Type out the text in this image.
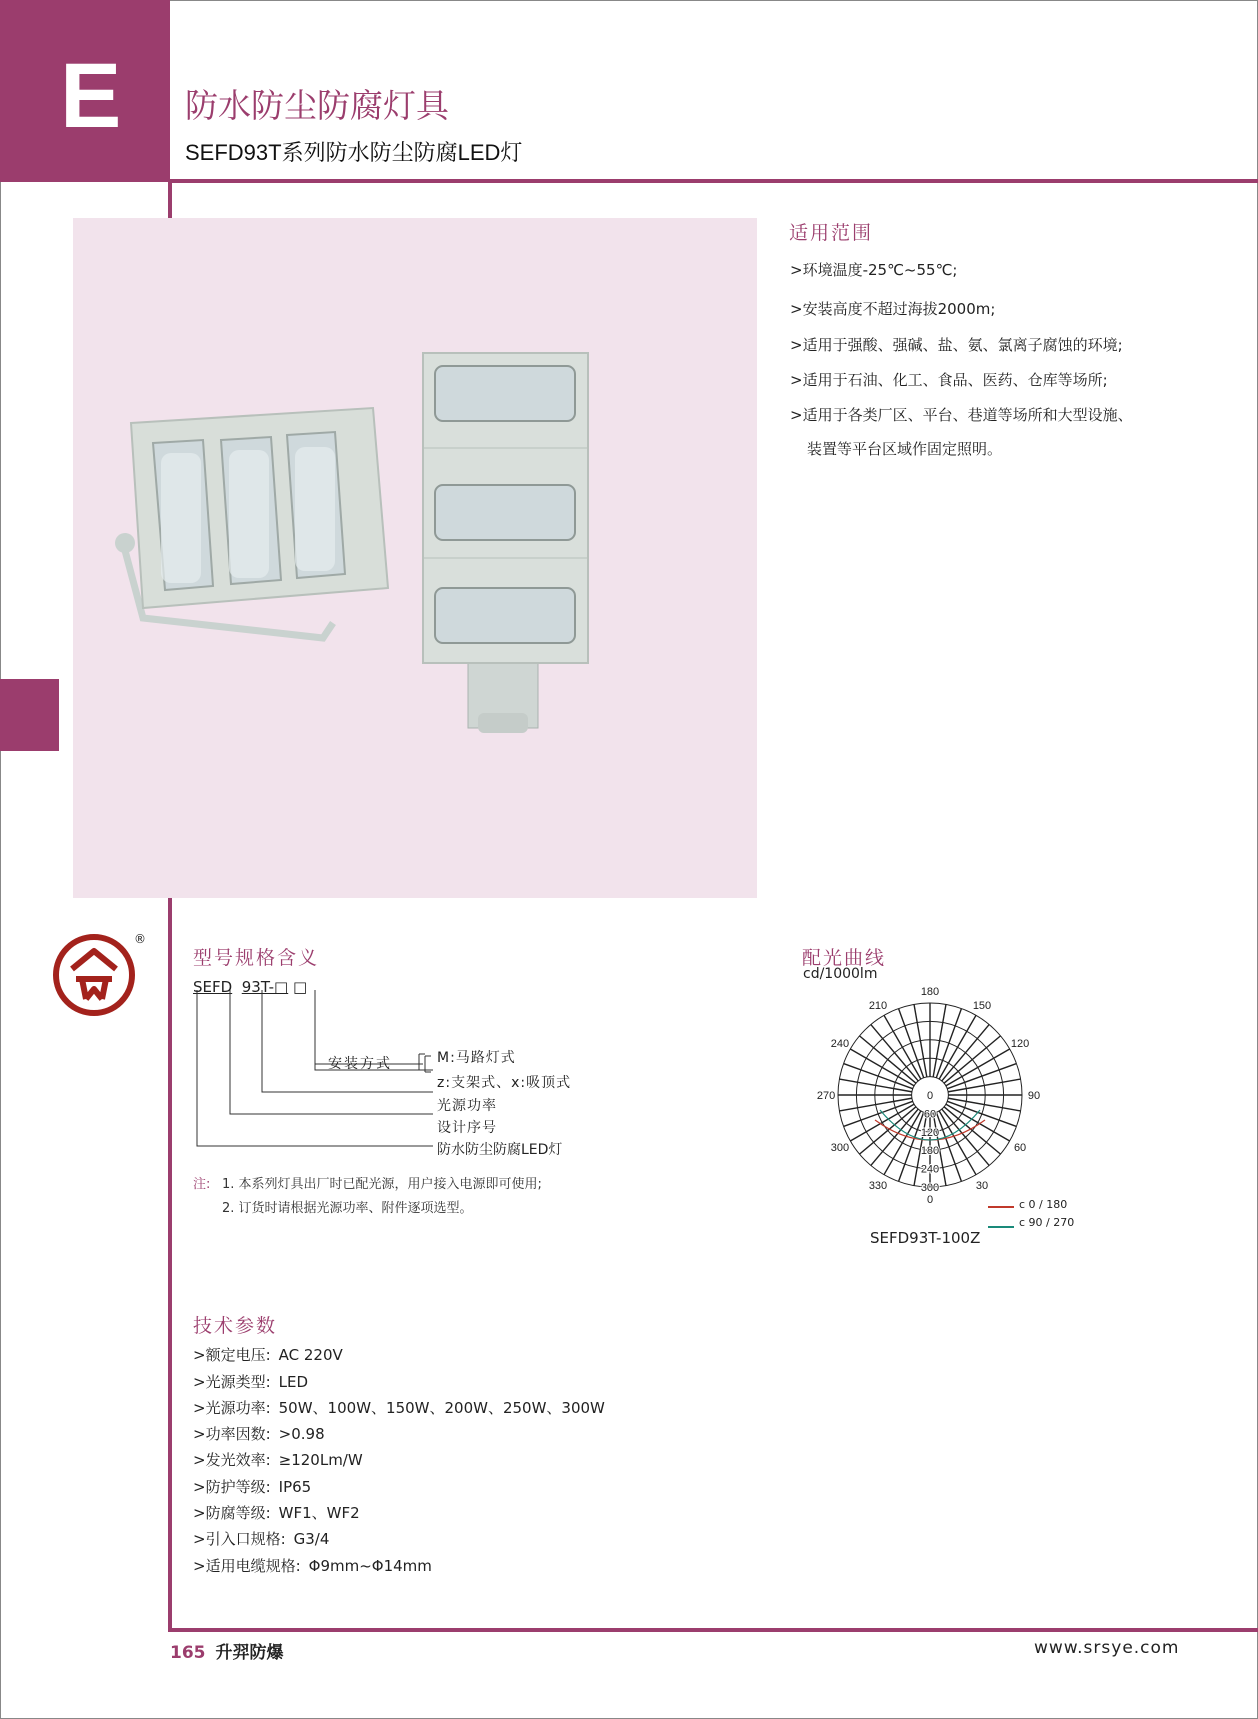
E 防水防尘防腐灯具
SEFD93T系列防水防尘防腐LED灯
适用范围
>环境温度-25℃~55℃;
>安装高度不超过海拔2000m;
>适用于强酸、强碱、盐、氨、氯离子腐蚀的环境;
>适用于石油、化工、食品、医药、仓库等场所;
>适用于各类厂区、平台、巷道等场所和大型设施、
装置等平台区域作固定照明。
®
型号规格含义
SEFD 93T-□ □
安装方式	M:马路灯式
z:支架式、x:吸顶式
光源功率
设计序号
防水防尘防腐LED灯
注: 1. 本系列灯具出厂时已配光源，用户接入电源即可使用;
2. 订货时请根据光源功率、附件逐项选型。
配光曲线
cd/1000lm
180
150
120
90
60
30
0
330
300
270
240
210
0
60
120
180
240
300
c 0 / 180
c 90 / 270
SEFD93T-100Z
技术参数
>额定电压: AC 220V
>光源类型: LED
>光源功率: 50W、100W、150W、200W、250W、300W
>功率因数: >0.98
>发光效率: ≥120Lm/W
>防护等级: IP65
>防腐等级: WF1、WF2
>引入口规格: G3/4
>适用电缆规格: Φ9mm~Φ14mm
165 升羿防爆	www.srsye.com
